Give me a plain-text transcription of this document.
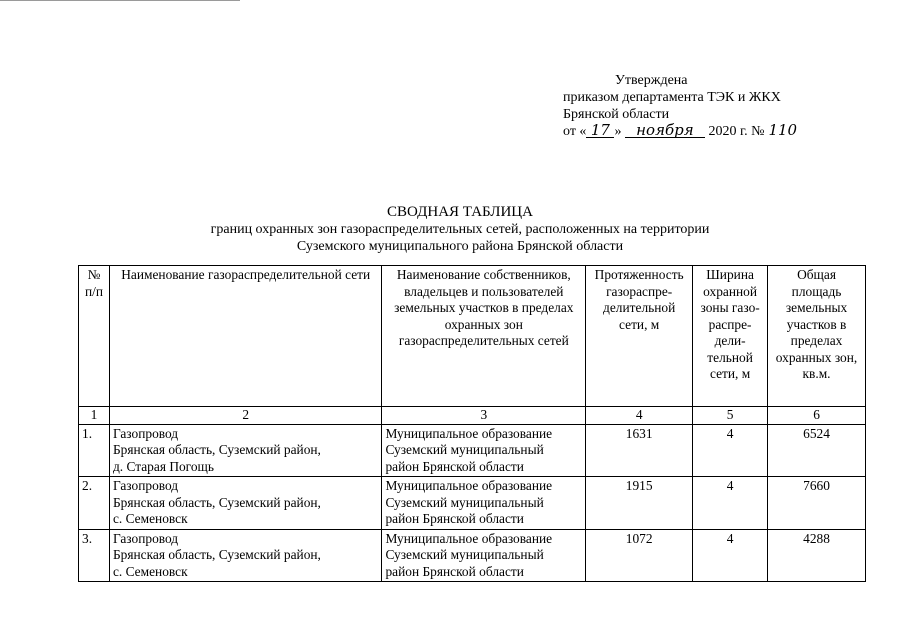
Утверждена
приказом департамента ТЭК и ЖКХ
Брянской области
от « 17 » ноября 2020 г. № 110
СВОДНАЯ ТАБЛИЦА
границ охранных зон газораспределительных сетей, расположенных на территории
Суземского муниципального района Брянской области
№ п/п	Наименование газораспределительной сети	Наименование собственников, владельцев и пользователей земельных участков в пределах охранных зон газораспределительных сетей	Протяженность газораспре-делительной сети, м	Ширина охранной зоны газо-распре-дели-тельной сети, м	Общая площадь земельных участков в пределах охранных зон, кв.м.
1	2	3	4	5	6
1.	Газопровод
Брянская область, Суземский район,
д. Старая Погощь	Муниципальное образование
Суземский муниципальный
район Брянской области	1631	4	6524
2.	Газопровод
Брянская область, Суземский район,
с. Семеновск	Муниципальное образование
Суземский муниципальный
район Брянской области	1915	4	7660
3.	Газопровод
Брянская область, Суземский район,
с. Семеновск	Муниципальное образование
Суземский муниципальный
район Брянской области	1072	4	4288
